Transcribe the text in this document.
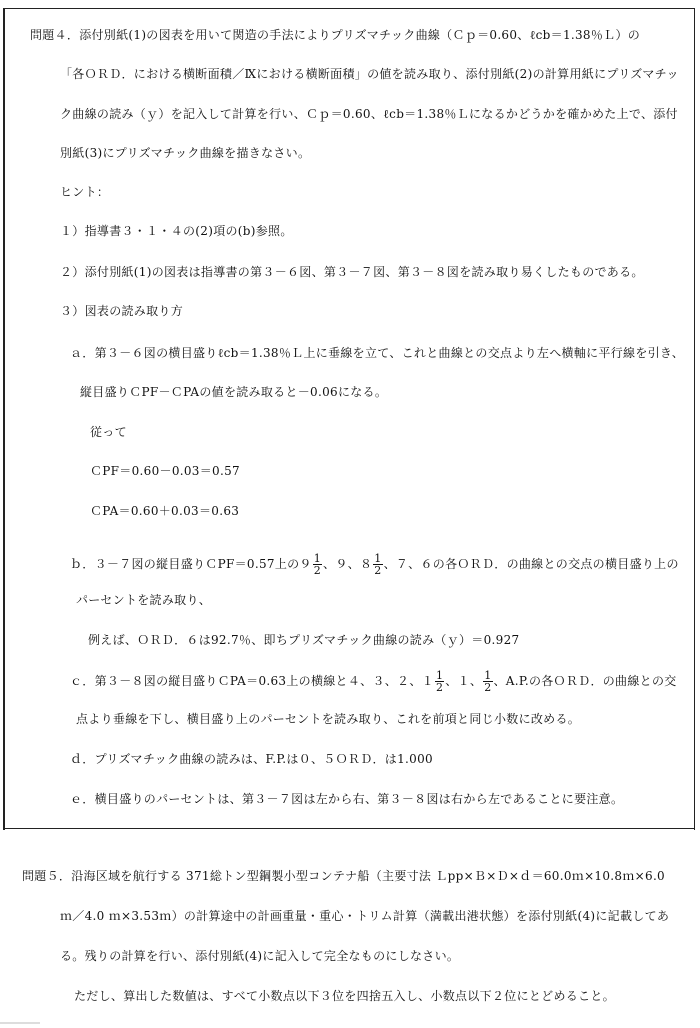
問題４．添付別紙(1)の図表を用いて関造の手法によりプリズマチック曲線（Ｃｐ＝0.60、ℓcb＝1.38％Ｌ）の
「各ＯＲＤ．における横断面積／Ⅸにおける横断面積」の値を読み取り、添付別紙(2)の計算用紙にプリズマチッ
ク曲線の読み（ｙ）を記入して計算を行い、Ｃｐ＝0.60、ℓcb＝1.38％Ｌになるかどうかを確かめた上で、添付
別紙(3)にプリズマチック曲線を描きなさい。
ヒント：
１）指導書３・１・４の(2)項の(b)参照。
２）添付別紙(1)の図表は指導書の第３－６図、第３－７図、第３－８図を読み取り易くしたものである。
３）図表の読み取り方
ａ．第３－６図の横目盛りℓcb＝1.38％Ｌ上に垂線を立て、これと曲線との交点より左へ横軸に平行線を引き、
縦目盛りＣPF－ＣPAの値を読み取ると－0.06になる。
従って
ＣPF＝0.60－0.03＝0.57
ＣPA＝0.60＋0.03＝0.63
ｂ．３－７図の縦目盛りＣPF＝0.57上の$9 \frac{1}{2}$ 、９、$8 \frac{1}{2}$ 、７、６の各ＯＲＤ．の曲線との交点の横目盛り上の
パーセントを読み取り、
例えば、ＯＲＤ．６は92.7％、即ちプリズマチック曲線の読み（ｙ）＝0.927
ｃ．第３－８図の縦目盛りＣPA＝0.63上の横線と４、３、２、$1 \frac{1}{2}$ 、１、 $\frac{1}{2}$ 、A.P.の各ＯＲＤ．の曲線との交
点より垂線を下し、横目盛り上のパーセントを読み取り、これを前項と同じ小数に改める。
ｄ．プリズマチック曲線の読みは、F.P.は０、５ＯＲＤ．は1.000
ｅ．横目盛りのパーセントは、第３－７図は左から右、第３－８図は右から左であることに要注意。
問題５．沿海区域を航行する 371総トン型鋼製小型コンテナ船（主要寸法 Ｌpp×Ｂ×Ｄ×ｄ＝60.0ｍ×10.8ｍ×6.0
ｍ／4.0 ｍ×3.53ｍ）の計算途中の計画重量・重心・トリム計算（満載出港状態）を添付別紙(4)に記載してあ
る。残りの計算を行い、添付別紙(4)に記入して完全なものにしなさい。
ただし、算出した数値は、すべて小数点以下３位を四捨五入し、小数点以下２位にとどめること。
